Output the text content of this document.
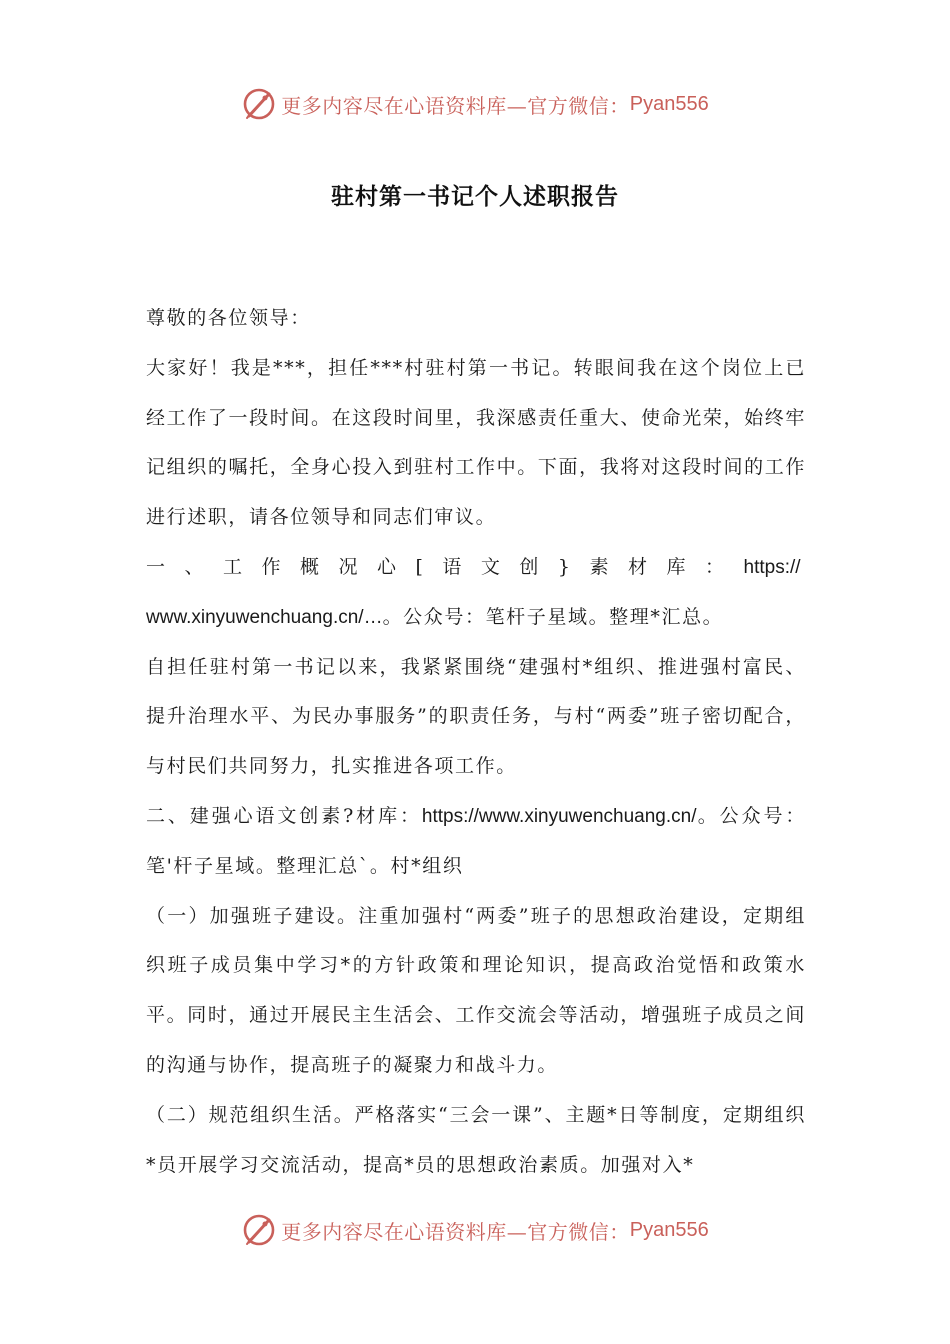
更多内容尽在心语资料库—官方微信： Pyan556
驻村第一书记个人述职报告

尊敬的各位领导：

大家好！我是***，担任***村驻村第一书记。转眼间我在这个岗位上已经工作了一段时间。在这段时间里，我深感责任重大、使命光荣，始终牢记组织的嘱托，全身心投入到驻村工作中。下面，我将对这段时间的工作进行述职，请各位领导和同志们审议。

一、工作概况心[语文创}素材库：https://
www.xinyuwenchuang.cn/…。公众号：笔杆子星域。整理*汇总。

自担任驻村第一书记以来，我紧紧围绕“建强村*组织、推进强村富民、提升治理水平、为民办事服务”的职责任务，与村“两委”班子密切配合，与村民们共同努力，扎实推进各项工作。

二、建强心语文创素?材库：https://www.xinyuwenchuang.cn/。公众号：笔'杆子星域。整理汇总`。村*组织

（一）加强班子建设。注重加强村“两委”班子的思想政治建设，定期组织班子成员集中学习*的方针政策和理论知识，提高政治觉悟和政策水平。同时，通过开展民主生活会、工作交流会等活动，增强班子成员之间的沟通与协作，提高班子的凝聚力和战斗力。

（二）规范组织生活。严格落实“三会一课”、主题*日等制度，定期组织*员开展学习交流活动，提高*员的思想政治素质。加强对入*

更多内容尽在心语资料库—官方微信： Pyan556
